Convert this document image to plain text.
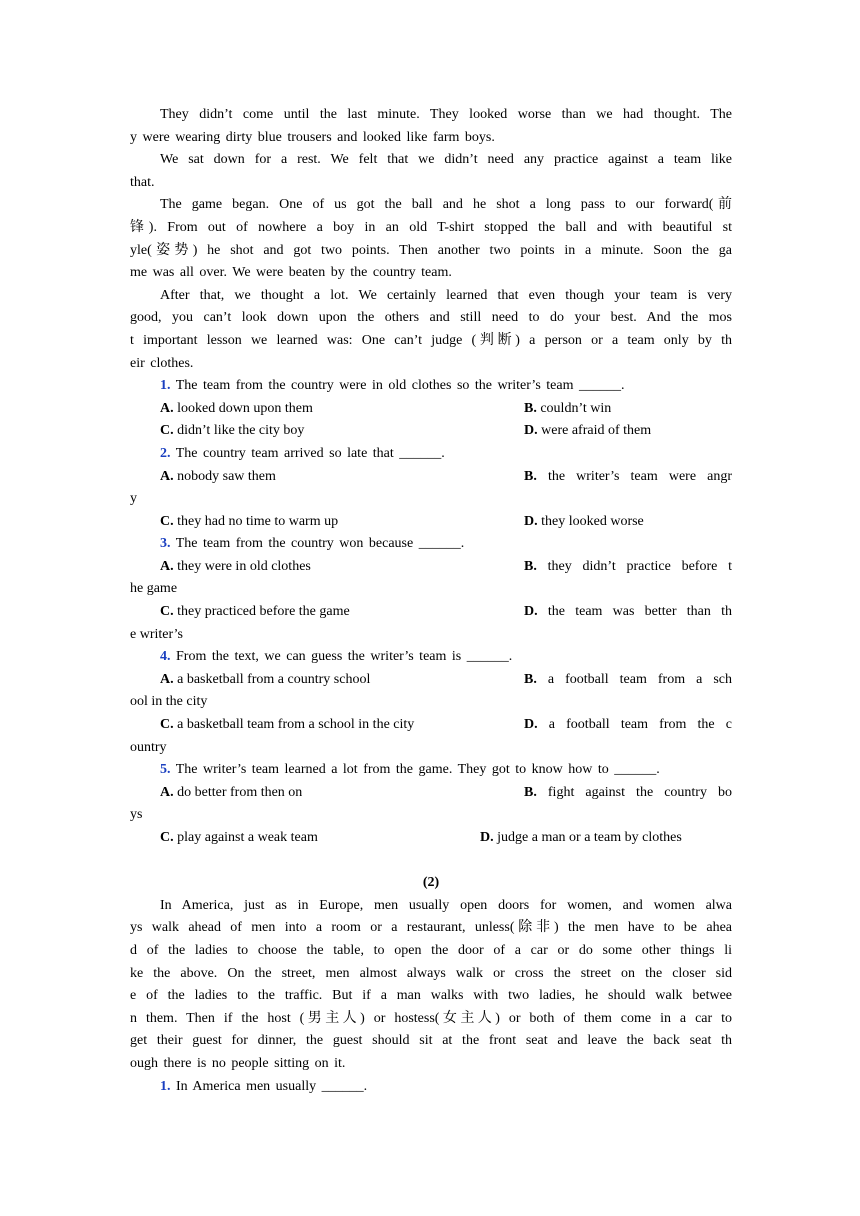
They didn’t come until the last minute. They looked worse than we had thought. The
y were wearing dirty blue trousers and looked like farm boys.
We sat down for a rest. We felt that we didn’t need any practice against a team like
that.
The game began. One of us got the ball and he shot a long pass to our forward(前
锋). From out of nowhere a boy in an old T-shirt stopped the ball and with beautiful st
yle(姿势) he shot and got two points. Then another two points in a minute. Soon the ga
me was all over. We were beaten by the country team.
After that, we thought a lot. We certainly learned that even though your team is very
good, you can’t look down upon the others and still need to do your best. And the mos
t important lesson we learned was: One can’t judge (判断) a person or a team only by th
eir clothes.
1. The team from the country were in old clothes so the writer’s team ______.
A. looked down upon them	B. couldn’t win
C. didn’t like the city boy	D. were afraid of them
2. The country team arrived so late that ______.
A. nobody saw them	B. the writer’s team were angr
y
C. they had no time to warm up	D. they looked worse
3. The team from the country won because ______.
A. they were in old clothes	B. they didn’t practice before t
he game
C. they practiced before the game	D. the team was better than th
e writer’s
4. From the text, we can guess the writer’s team is ______.
A. a basketball from a country school	B. a football team from a sch
ool in the city
C. a basketball team from a school in the city	D. a football team from the c
ountry
5. The writer’s team learned a lot from the game. They got to know how to ______.
A. do better from then on	B. fight against the country bo
ys
C. play against a weak team	D. judge a man or a team by clothes
(2)
In America, just as in Europe, men usually open doors for women, and women alwa
ys walk ahead of men into a room or a restaurant, unless(除非) the men have to be ahea
d of the ladies to choose the table, to open the door of a car or do some other things li
ke the above. On the street, men almost always walk or cross the street on the closer sid
e of the ladies to the traffic. But if a man walks with two ladies, he should walk betwee
n them. Then if the host (男主人) or hostess(女主人) or both of them come in a car to
get their guest for dinner, the guest should sit at the front seat and leave the back seat th
ough there is no people sitting on it.
1. In America men usually ______.
